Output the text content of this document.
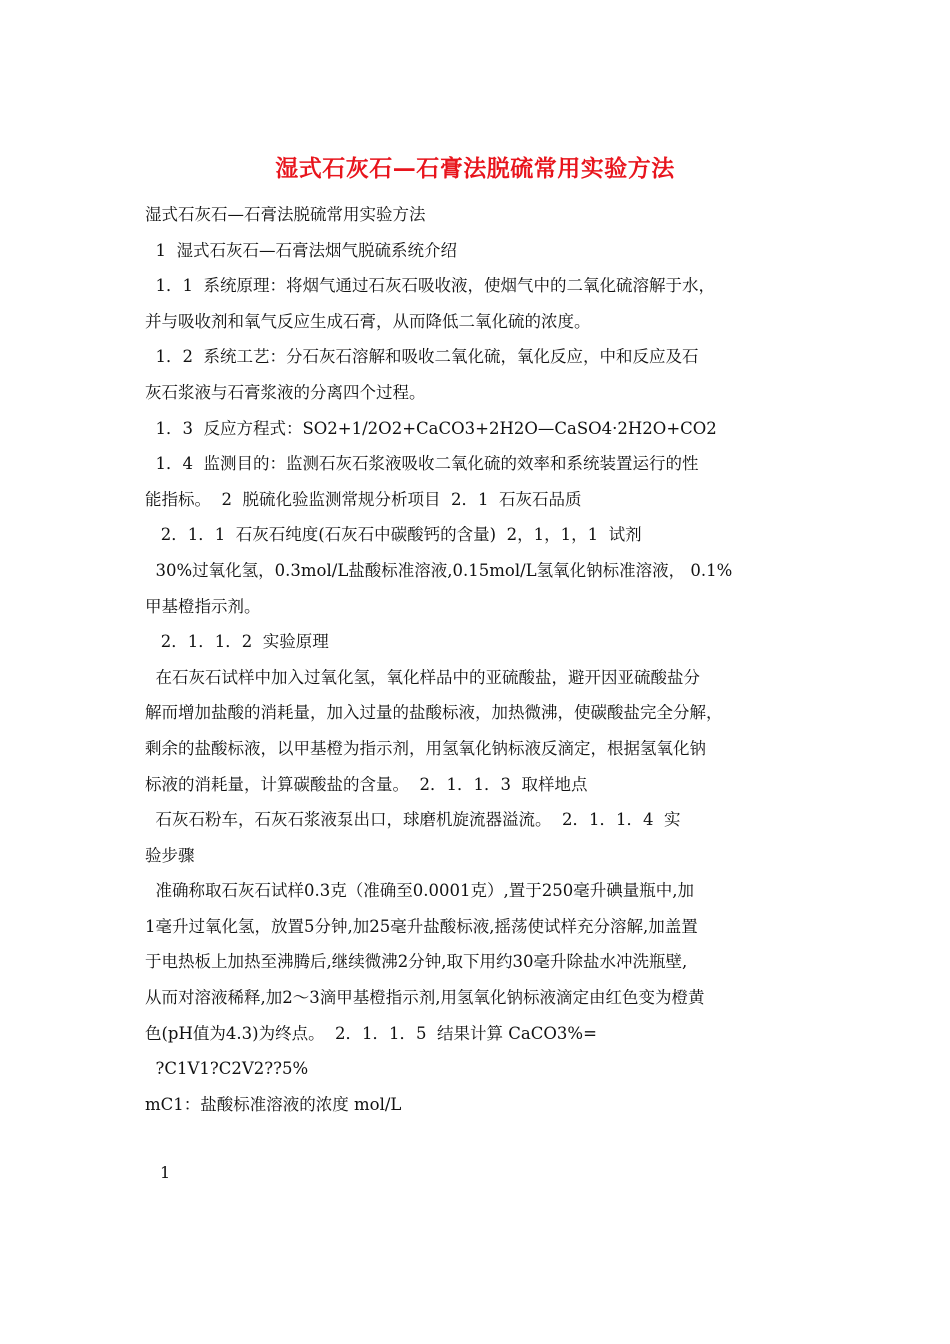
湿式石灰石—石膏法脱硫常用实验方法
湿式石灰石—石膏法脱硫常用实验方法
1  湿式石灰石—石膏法烟气脱硫系统介绍
1．1  系统原理：将烟气通过石灰石吸收液，使烟气中的二氧化硫溶解于水，
并与吸收剂和氧气反应生成石膏，从而降低二氧化硫的浓度。
1．2  系统工艺：分石灰石溶解和吸收二氧化硫，氧化反应，中和反应及石
灰石浆液与石膏浆液的分离四个过程。
1．3  反应方程式：SO2+1/2O2+CaCO3+2H2O—CaSO4·2H2O+CO2
1．4  监测目的：监测石灰石浆液吸收二氧化硫的效率和系统装置运行的性
能指标。  2  脱硫化验监测常规分析项目  2．1  石灰石品质
2．1．1  石灰石纯度(石灰石中碳酸钙的含量)  2，1，1，1  试剂
30%过氧化氢，0.3mol/L盐酸标准溶液,0.15mol/L氢氧化钠标准溶液， 0.1%
甲基橙指示剂。
2．1．1．2  实验原理
在石灰石试样中加入过氧化氢，氧化样品中的亚硫酸盐，避开因亚硫酸盐分
解而增加盐酸的消耗量，加入过量的盐酸标液，加热微沸，使碳酸盐完全分解，
剩余的盐酸标液，以甲基橙为指示剂，用氢氧化钠标液反滴定，根据氢氧化钠
标液的消耗量，计算碳酸盐的含量。  2．1．1．3  取样地点
石灰石粉车，石灰石浆液泵出口，球磨机旋流器溢流。  2．1．1．4  实
验步骤
准确称取石灰石试样0.3克（准确至0.0001克）,置于250毫升碘量瓶中,加
1毫升过氧化氢，放置5分钟,加25毫升盐酸标液,摇荡使试样充分溶解,加盖置
于电热板上加热至沸腾后,继续微沸2分钟,取下用约30毫升除盐水冲洗瓶壁,
从而对溶液稀释,加2～3滴甲基橙指示剂,用氢氧化钠标液滴定由红色变为橙黄
色(pH值为4.3)为终点。  2．1．1．5  结果计算 CaCO3%=
?C1V1?C2V2??5%
mC1：盐酸标准溶液的浓度 mol/L
1
